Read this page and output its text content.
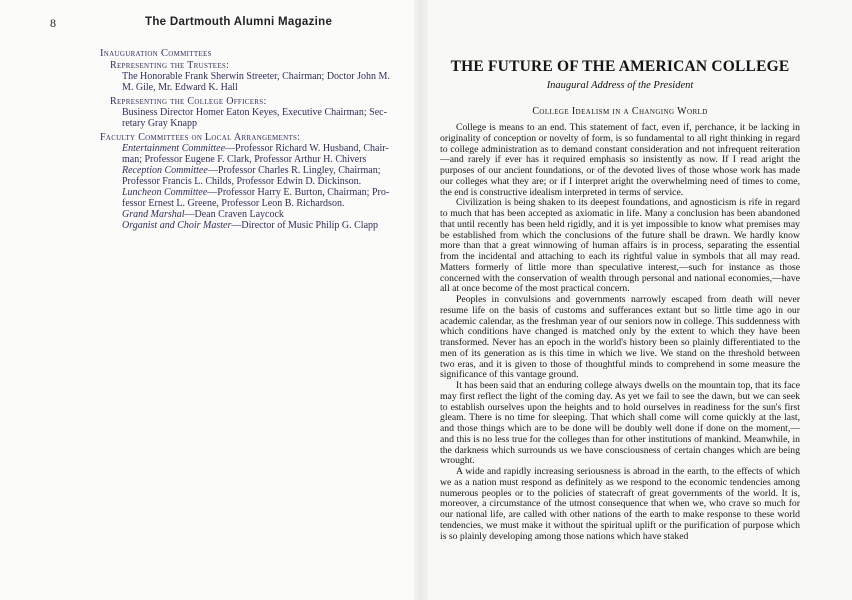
8	The Dartmouth Alumni Magazine
Inauguration Committees
Representing the Trustees:
The Honorable Frank Sherwin Streeter, Chairman; Doctor John M.
M. Gile, Mr. Edward K. Hall
Representing the College Officers:
Business Director Homer Eaton Keyes, Executive Chairman; Sec-
retary Gray Knapp
Faculty Committees on Local Arrangements:
Entertainment Committee—Professor Richard W. Husband, Chair-
man; Professor Eugene F. Clark, Professor Arthur H. Chivers
Reception Committee—Professor Charles R. Lingley, Chairman;
Professor Francis L. Childs, Professor Edwin D. Dickinson.
Luncheon Committee—Professor Harry E. Burton, Chairman; Pro-
fessor Ernest L. Greene, Professor Leon B. Richardson.
Grand Marshal—Dean Craven Laycock
Organist and Choir Master—Director of Music Philip G. Clapp
THE FUTURE OF THE AMERICAN COLLEGE
Inaugural Address of the President
College Idealism in a Changing World

College is means to an end. This statement of fact, even if, perchance, it be lacking in originality of conception or novelty of form, is so fundamental to all right thinking in regard to college administration as to demand constant consideration and not infrequent reiteration—and rarely if ever has it required emphasis so insistently as now. If I read aright the purposes of our ancient foundations, or of the devoted lives of those whose work has made our colleges what they are; or if I interpret aright the overwhelming need of times to come, the end is constructive idealism interpreted in terms of service.

Civilization is being shaken to its deepest foundations, and agnosticism is rife in regard to much that has been accepted as axiomatic in life. Many a conclusion has been abandoned that until recently has been held rigidly, and it is yet impossible to know what premises may be established from which the conclusions of the future shall be drawn. We hardly know more than that a great winnowing of human affairs is in process, separating the essential from the incidental and attaching to each its rightful value in symbols that all may read. Matters formerly of little more than speculative interest,—such for instance as those concerned with the conservation of wealth through personal and national economies,—have all at once become of the most practical concern.

Peoples in convulsions and governments narrowly escaped from death will never resume life on the basis of customs and sufferances extant but so little time ago in our academic calendar, as the freshman year of our seniors now in college. This suddenness with which conditions have changed is matched only by the extent to which they have been transformed. Never has an epoch in the world's history been so plainly differentiated to the men of its generation as is this time in which we live. We stand on the threshold between two eras, and it is given to those of thoughtful minds to comprehend in some measure the significance of this vantage ground.

It has been said that an enduring college always dwells on the mountain top, that its face may first reflect the light of the coming day. As yet we fail to see the dawn, but we can seek to establish ourselves upon the heights and to hold ourselves in readiness for the sun's first gleam. There is no time for sleeping. That which shall come will come quickly at the last, and those things which are to be done will be doubly well done if done on the moment,—and this is no less true for the colleges than for other institutions of mankind. Meanwhile, in the darkness which surrounds us we have consciousness of certain changes which are being wrought.

A wide and rapidly increasing seriousness is abroad in the earth, to the effects of which we as a nation must respond as definitely as we respond to the economic tendencies among numerous peoples or to the policies of statecraft of great governments of the world. It is, moreover, a circumstance of the utmost consequence that when we, who crave so much for our national life, are called with other nations of the earth to make response to these world tendencies, we must make it without the spiritual uplift or the purification of purpose which is so plainly developing among those nations which have staked
